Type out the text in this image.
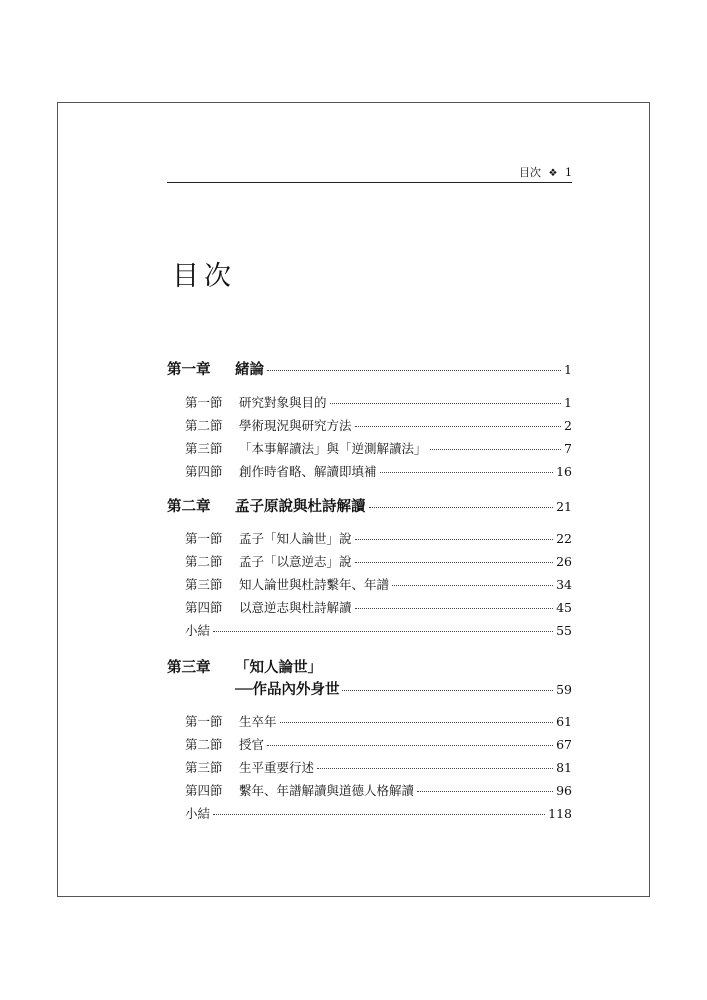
目次 ❖ 1
目次
第一章 緒論	1
第一節 研究對象與目的	1
第二節 學術現況與研究方法	2
第三節 「本事解讀法」與「逆測解讀法」	7
第四節 創作時省略、解讀即填補	16
第二章 孟子原說與杜詩解讀	21
第一節 孟子「知人論世」說	22
第二節 孟子「以意逆志」說	26
第三節 知人論世與杜詩繫年、年譜	34
第四節 以意逆志與杜詩解讀	45
小結	55
第三章 「知人論世」
──作品內外身世	59
第一節 生卒年	61
第二節 授官	67
第三節 生平重要行述	81
第四節 繫年、年譜解讀與道德人格解讀	96
小結	118
